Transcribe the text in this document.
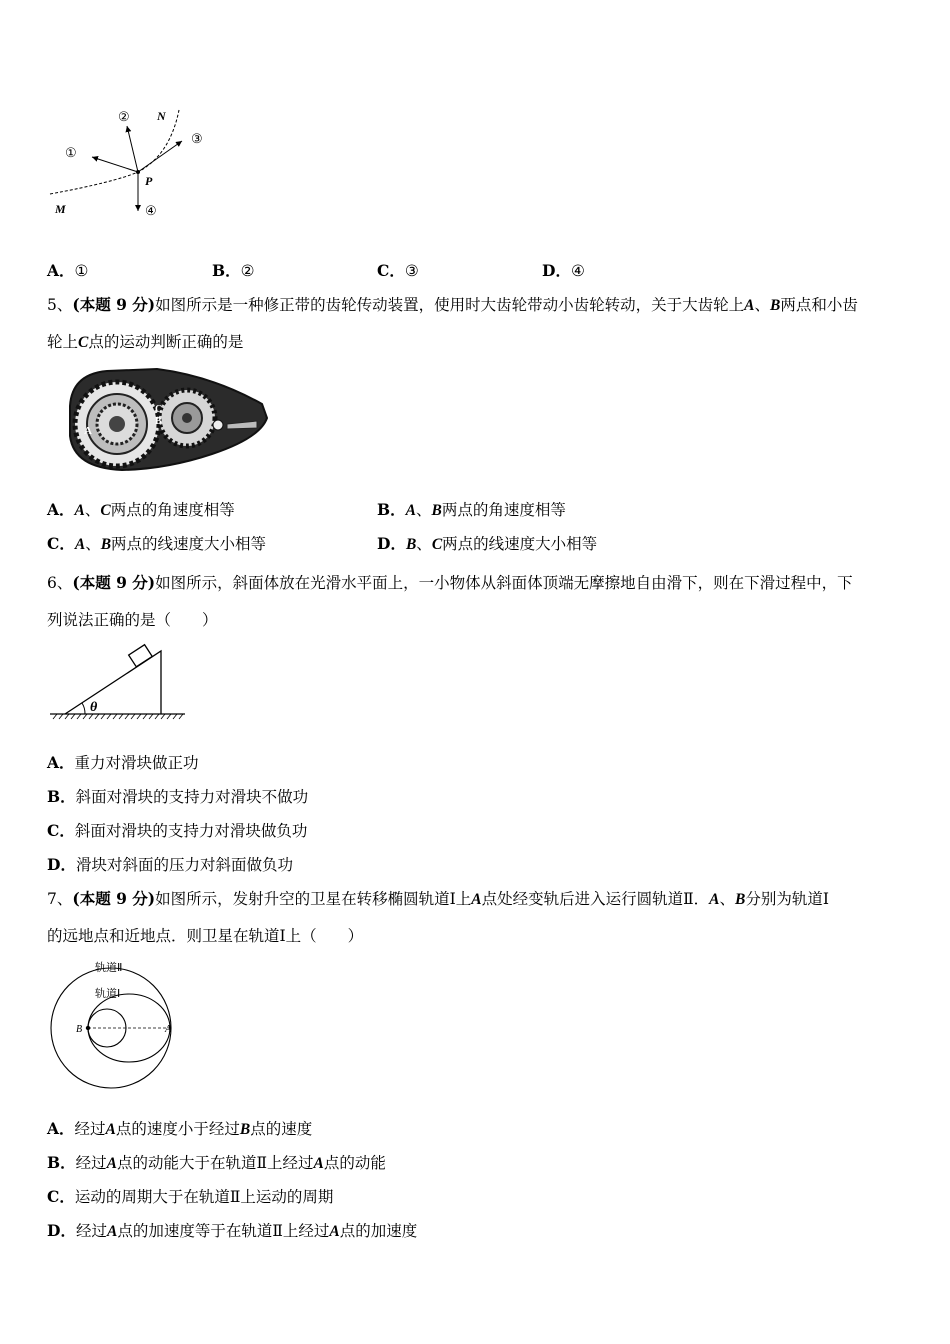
①
② N
③
P
④
M
A．①	B．②	C．③	D．④
5、(本题 9 分)如图所示是一种修正带的齿轮传动装置，使用时大齿轮带动小齿轮转动，关于大齿轮上A、B两点和小齿
轮上C点的运动判断正确的是
A
B
C
A．A、C两点的角速度相等	B．A、B两点的角速度相等
C．A、B两点的线速度大小相等	D．B、C两点的线速度大小相等
6、(本题 9 分)如图所示，斜面体放在光滑水平面上，一小物体从斜面体顶端无摩擦地自由滑下，则在下滑过程中，下
列说法正确的是（　　）
θ
A．重力对滑块做正功
B．斜面对滑块的支持力对滑块不做功
C．斜面对滑块的支持力对滑块做负功
D．滑块对斜面的压力对斜面做负功
7、(本题 9 分)如图所示，发射升空的卫星在转移椭圆轨道Ⅰ上A点处经变轨后进入运行圆轨道Ⅱ．A、B分别为轨道Ⅰ
的远地点和近地点．则卫星在轨道Ⅰ上（　　）
轨道Ⅱ
轨道Ⅰ
B	A
A．经过A点的速度小于经过B点的速度
B．经过A点的动能大于在轨道Ⅱ上经过A点的动能
C．运动的周期大于在轨道Ⅱ上运动的周期
D．经过A点的加速度等于在轨道Ⅱ上经过A点的加速度
